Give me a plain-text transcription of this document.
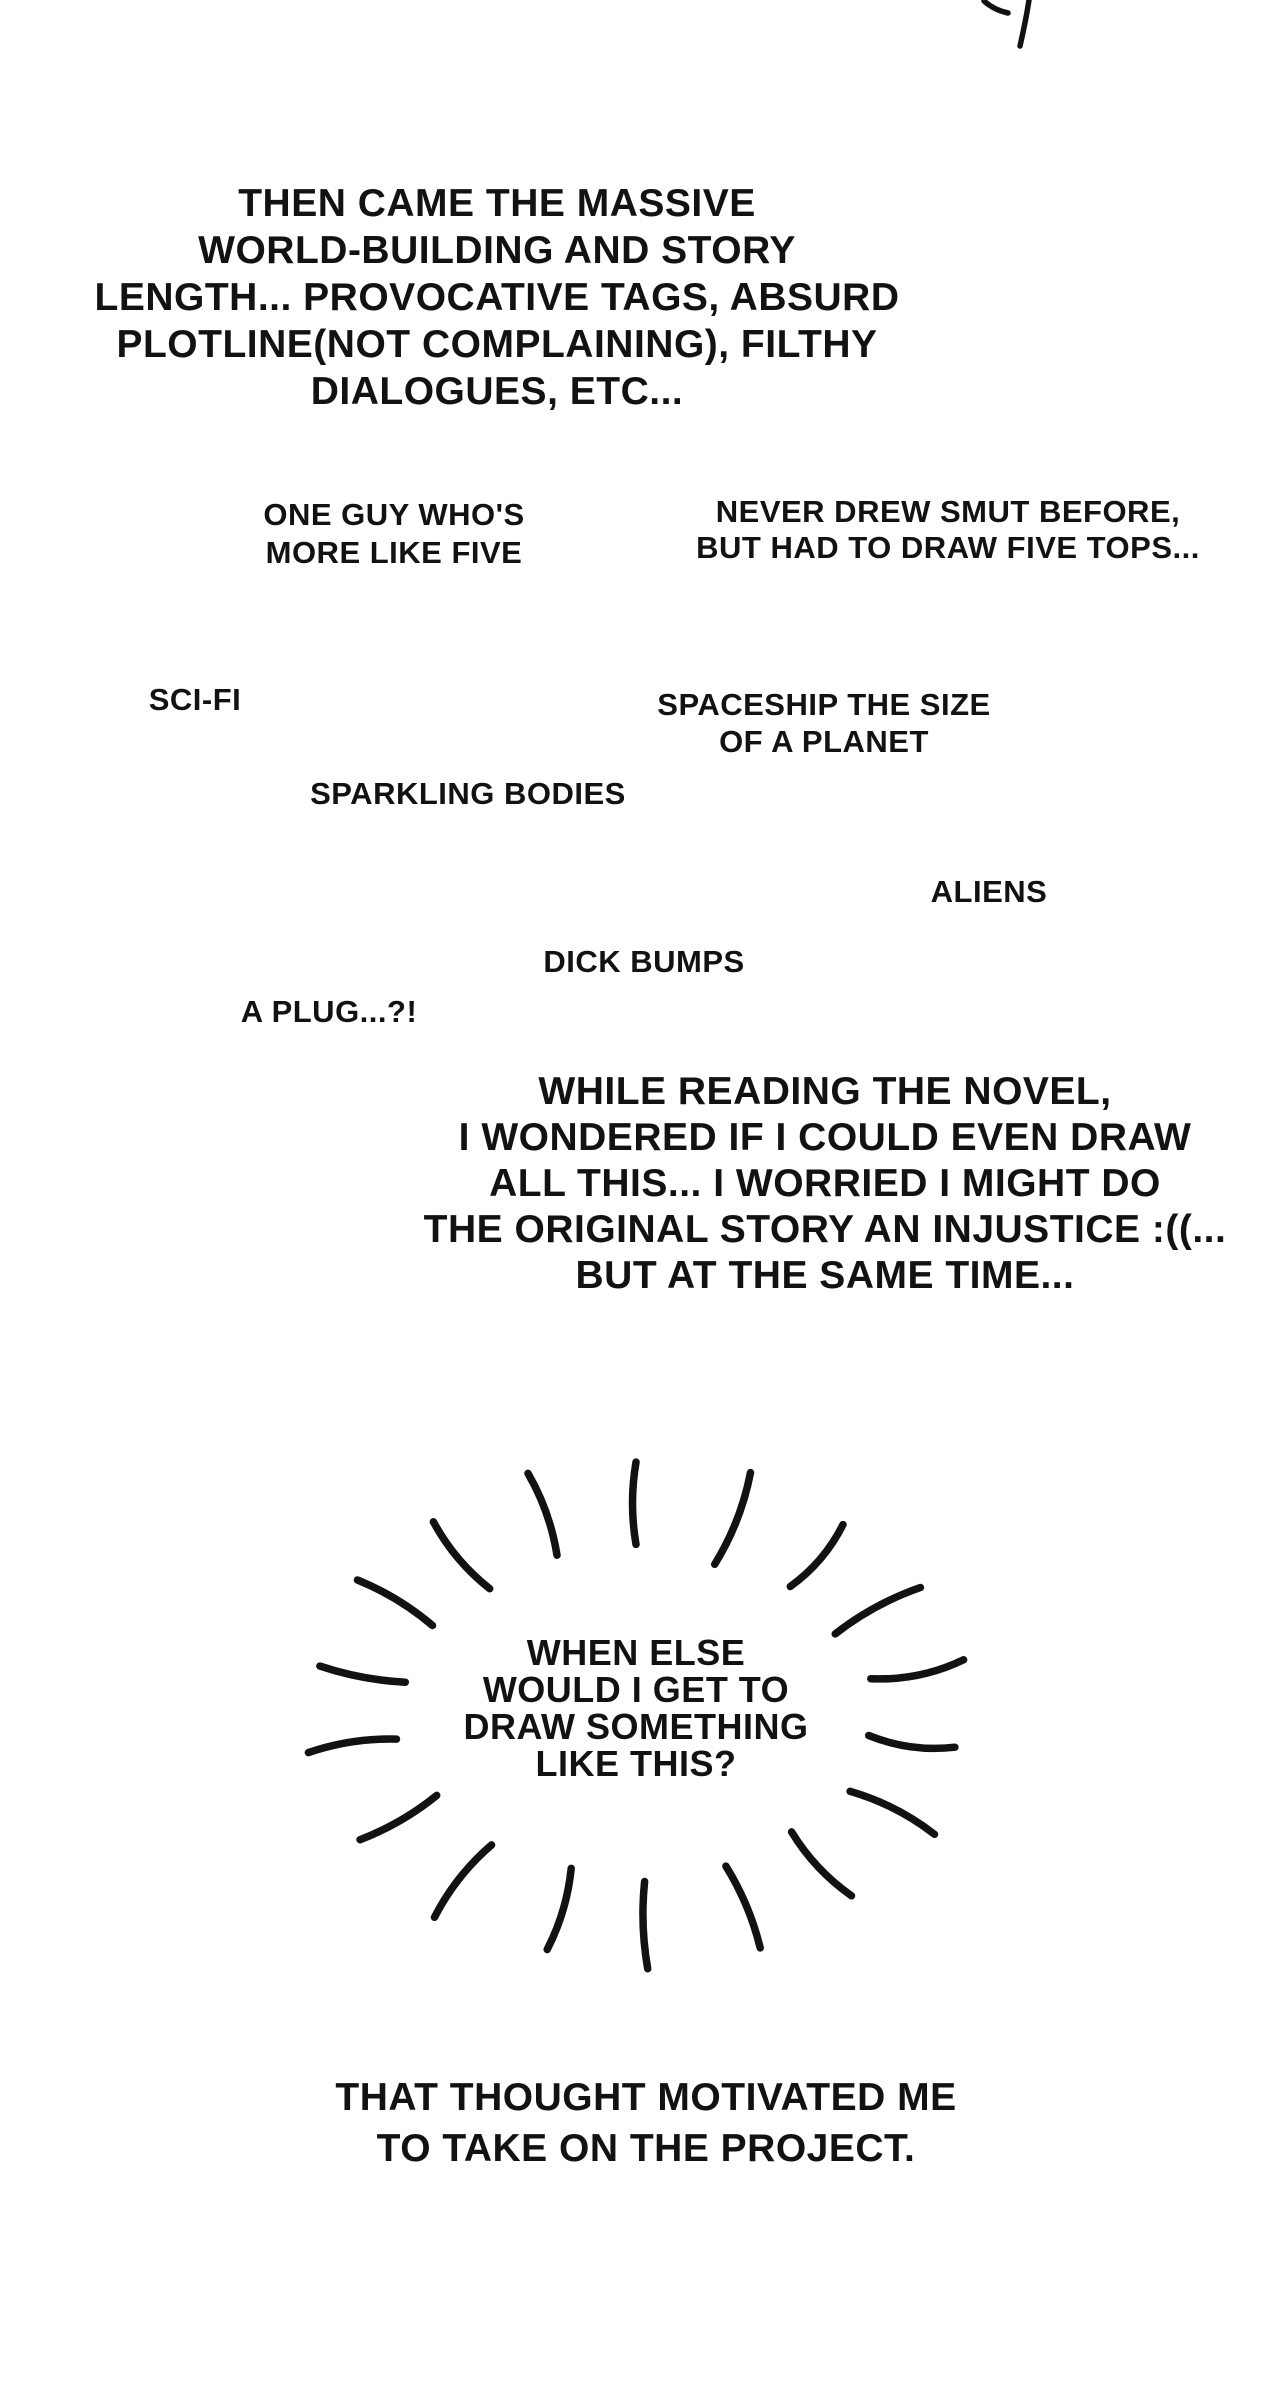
THEN CAME THE MASSIVE
WORLD-BUILDING AND STORY
LENGTH... PROVOCATIVE TAGS, ABSURD
PLOTLINE(NOT COMPLAINING), FILTHY
DIALOGUES, ETC...
ONE GUY WHO'S
MORE LIKE FIVE
NEVER DREW SMUT BEFORE,
BUT HAD TO DRAW FIVE TOPS...
SCI-FI	SPACESHIP THE SIZE
OF A PLANET
SPARKLING BODIES
ALIENS
DICK BUMPS
A PLUG...?!
WHILE READING THE NOVEL,
I WONDERED IF I COULD EVEN DRAW
ALL THIS... I WORRIED I MIGHT DO
THE ORIGINAL STORY AN INJUSTICE :((...
BUT AT THE SAME TIME...
WHEN ELSE
WOULD I GET TO
DRAW SOMETHING
LIKE THIS?
THAT THOUGHT MOTIVATED ME
TO TAKE ON THE PROJECT.
